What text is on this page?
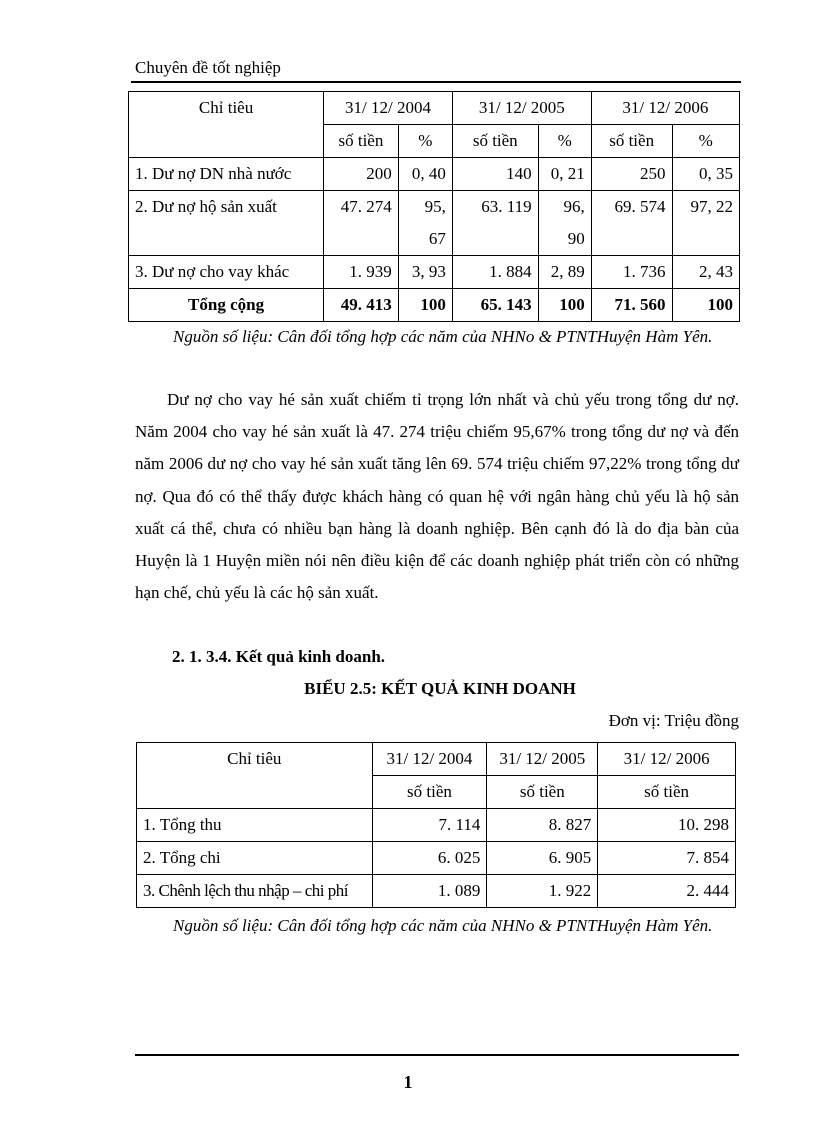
Chuyên đề tốt nghiệp
Chỉ tiêu	31/ 12/ 2004		31/ 12/ 2005		31/ 12/ 2006	
	số tiền	%	số tiền	%	số tiền	%
1. Dư nợ DN nhà nước	200	0, 40	140	0, 21	250	0, 35
2. Dư nợ hộ sản xuất	47. 274	95, 67	63. 119	96, 90	69. 574	97, 22
3. Dư nợ cho vay khác	1. 939	3, 93	1. 884	2, 89	1. 736	2, 43
Tổng cộng	49. 413	100	65. 143	100	71. 560	100
Nguồn số liệu: Cân đối tổng hợp các năm của NHNo & PTNTHuyện Hàm Yên.

Dư nợ cho vay hé sản xuất chiếm tỉ trọng lớn nhất và chủ yếu trong tổng dư nợ. Năm 2004 cho vay hé sản xuất là 47. 274 triệu chiếm 95,67% trong tổng dư nợ và đến năm 2006 dư nợ cho vay hé sản xuất tăng lên 69. 574 triệu chiếm 97,22% trong tổng dư nợ. Qua đó có thể thấy được khách hàng có quan hệ với ngân hàng chủ yếu là hộ sản xuất cá thể, chưa có nhiều bạn hàng là doanh nghiệp. Bên cạnh đó là do địa bàn của Huyện là 1 Huyện miền nói nên điều kiện để các doanh nghiệp phát triển còn có những hạn chế, chủ yếu là các hộ sản xuất.

2. 1. 3.4. Kết quả kinh doanh.
BIỂU 2.5: KẾT QUẢ KINH DOANH
Đơn vị: Triệu đồng
Chỉ tiêu	31/ 12/ 2004	31/ 12/ 2005	31/ 12/ 2006
	số tiền	số tiền	số tiền
1. Tổng thu	7. 114	8. 827	10. 298
2. Tổng chi	6. 025	6. 905	7. 854
3. Chênh lệch thu nhập – chi phí	1. 089	1. 922	2. 444
Nguồn số liệu: Cân đối tổng hợp các năm của NHNo & PTNTHuyện Hàm Yên.
1
